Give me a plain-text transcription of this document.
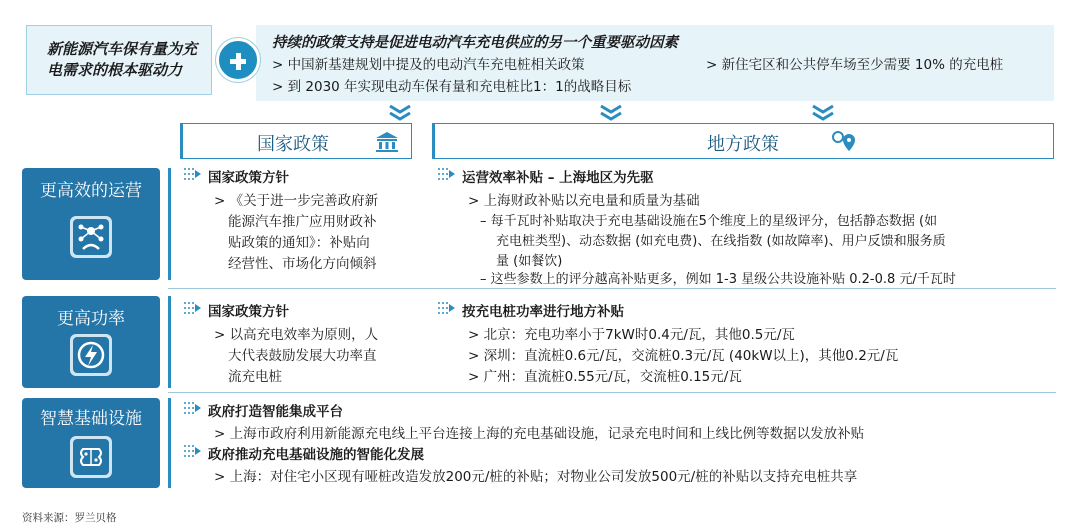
新能源汽车保有量为充
电需求的根本驱动力
持续的政策支持是促进电动汽车充电供应的另一个重要驱动因素
> 中国新基建规划中提及的电动汽车充电桩相关政策
> 到 2030 年实现电动车保有量和充电桩比1：1的战略目标
> 新住宅区和公共停车场至少需要 10% 的充电桩
国家政策	地方政策
更高效的运营
国家政策方针
> 《关于进一步完善政府新
能源汽车推广应用财政补
贴政策的通知》：补贴向
经营性、市场化方向倾斜
运营效率补贴 – 上海地区为先驱
> 上海财政补贴以充电量和质量为基础
– 每千瓦时补贴取决于充电基础设施在5个维度上的星级评分，包括静态数据 (如
充电桩类型)、动态数据 (如充电费)、在线指数 (如故障率)、用户反馈和服务质
量 (如餐饮)
– 这些参数上的评分越高补贴更多，例如 1-3 星级公共设施补贴 0.2-0.8 元/千瓦时
更高功率	国家政策方针
> 以高充电效率为原则，人
大代表鼓励发展大功率直
流充电桩
按充电桩功率进行地方补贴
> 北京：充电功率小于7kW时0.4元/瓦，其他0.5元/瓦
> 深圳：直流桩0.6元/瓦，交流桩0.3元/瓦 (40kW以上)，其他0.2元/瓦
> 广州：直流桩0.55元/瓦，交流桩0.15元/瓦
智慧基础设施	政府打造智能集成平台
> 上海市政府利用新能源充电线上平台连接上海的充电基础设施，记录充电时间和上线比例等数据以发放补贴
政府推动充电基础设施的智能化发展
> 上海：对住宅小区现有哑桩改造发放200元/桩的补贴；对物业公司发放500元/桩的补贴以支持充电桩共享
资料来源：罗兰贝格
